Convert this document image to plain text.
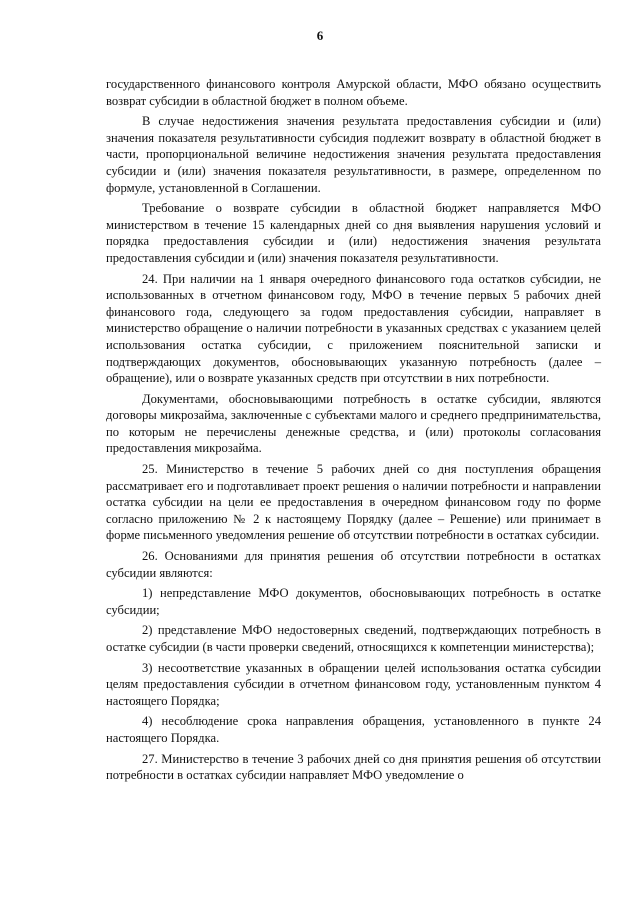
6

государственного финансового контроля Амурской области, МФО обязано осуществить возврат субсидии в областной бюджет в полном объеме.

В случае недостижения значения результата предоставления субсидии и (или) значения показателя результативности субсидия подлежит возврату в областной бюджет в части, пропорциональной величине недостижения значения результата предоставления субсидии и (или) значения показателя результативности, в размере, определенном по формуле, установленной в Соглашении.

Требование о возврате субсидии в областной бюджет направляется МФО министерством в течение 15 календарных дней со дня выявления нарушения условий и порядка предоставления субсидии и (или) недостижения значения результата предоставления субсидии и (или) значения показателя результативности.

24. При наличии на 1 января очередного финансового года остатков субсидии, не использованных в отчетном финансовом году, МФО в течение первых 5 рабочих дней финансового года, следующего за годом предоставления субсидии, направляет в министерство обращение о наличии потребности в указанных средствах с указанием целей использования остатка субсидии, с приложением пояснительной записки и подтверждающих документов, обосновывающих указанную потребность (далее – обращение), или о возврате указанных средств при отсутствии в них потребности.

Документами, обосновывающими потребность в остатке субсидии, являются договоры микрозайма, заключенные с субъектами малого и среднего предпринимательства, по которым не перечислены денежные средства, и (или) протоколы согласования предоставления микрозайма.

25. Министерство в течение 5 рабочих дней со дня поступления обращения рассматривает его и подготавливает проект решения о наличии потребности и направлении остатка субсидии на цели ее предоставления в очередном финансовом году по форме согласно приложению № 2 к настоящему Порядку (далее – Решение) или принимает в форме письменного уведомления решение об отсутствии потребности в остатках субсидии.

26. Основаниями для принятия решения об отсутствии потребности в остатках субсидии являются:

1) непредставление МФО документов, обосновывающих потребность в остатке субсидии;

2) представление МФО недостоверных сведений, подтверждающих потребность в остатке субсидии (в части проверки сведений, относящихся к компетенции министерства);

3) несоответствие указанных в обращении целей использования остатка субсидии целям предоставления субсидии в отчетном финансовом году, установленным пунктом 4 настоящего Порядка;

4) несоблюдение срока направления обращения, установленного в пункте 24 настоящего Порядка.

27. Министерство в течение 3 рабочих дней со дня принятия решения об отсутствии потребности в остатках субсидии направляет МФО уведомление о
